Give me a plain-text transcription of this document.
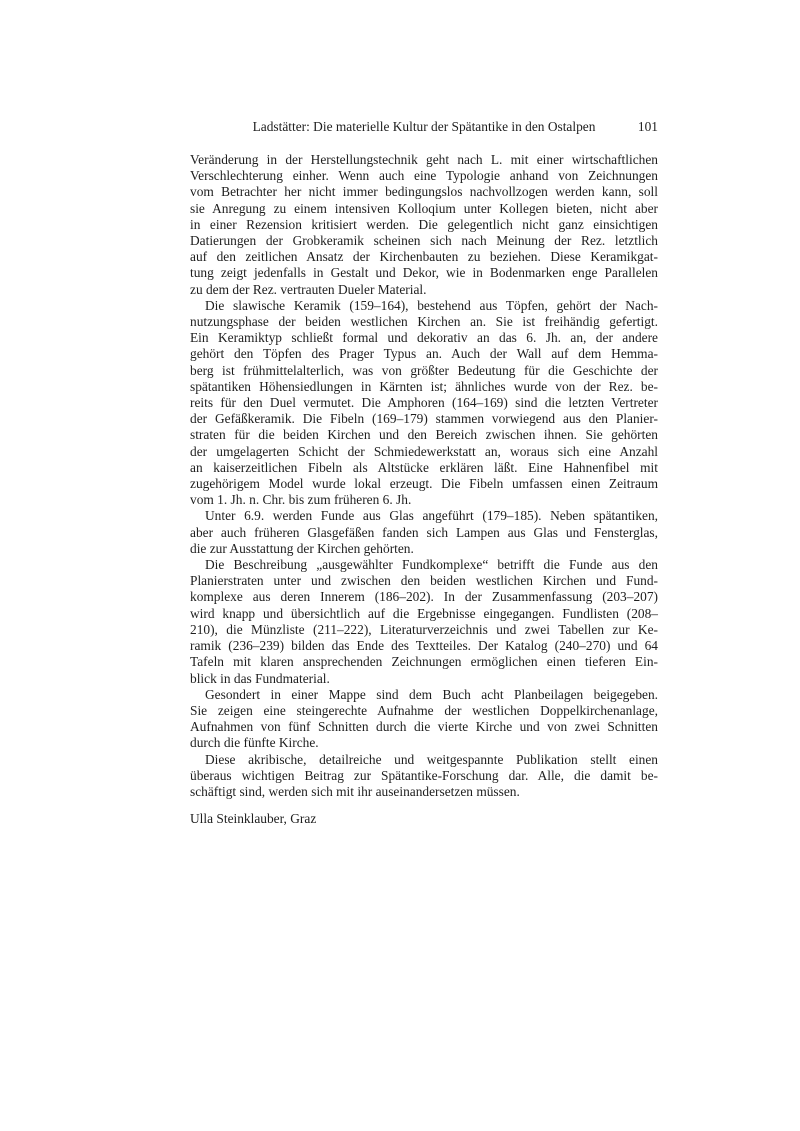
Ladstätter: Die materielle Kultur der Spätantike in den Ostalpen	101
Veränderung in der Herstellungstechnik geht nach L. mit einer wirtschaftlichen
Verschlechterung einher. Wenn auch eine Typologie anhand von Zeichnungen
vom Betrachter her nicht immer bedingungslos nachvollzogen werden kann, soll
sie Anregung zu einem intensiven Kolloqium unter Kollegen bieten, nicht aber
in einer Rezension kritisiert werden. Die gelegentlich nicht ganz einsichtigen
Datierungen der Grobkeramik scheinen sich nach Meinung der Rez. letztlich
auf den zeitlichen Ansatz der Kirchenbauten zu beziehen. Diese Keramikgat-
tung zeigt jedenfalls in Gestalt und Dekor, wie in Bodenmarken enge Parallelen
zu dem der Rez. vertrauten Dueler Material.
Die slawische Keramik (159–164), bestehend aus Töpfen, gehört der Nach-
nutzungsphase der beiden westlichen Kirchen an. Sie ist freihändig gefertigt.
Ein Keramiktyp schließt formal und dekorativ an das 6. Jh. an, der andere
gehört den Töpfen des Prager Typus an. Auch der Wall auf dem Hemma-
berg ist frühmittelalterlich, was von größter Bedeutung für die Geschichte der
spätantiken Höhensiedlungen in Kärnten ist; ähnliches wurde von der Rez. be-
reits für den Duel vermutet. Die Amphoren (164–169) sind die letzten Vertreter
der Gefäßkeramik. Die Fibeln (169–179) stammen vorwiegend aus den Planier-
straten für die beiden Kirchen und den Bereich zwischen ihnen. Sie gehörten
der umgelagerten Schicht der Schmiedewerkstatt an, woraus sich eine Anzahl
an kaiserzeitlichen Fibeln als Altstücke erklären läßt. Eine Hahnenfibel mit
zugehörigem Model wurde lokal erzeugt. Die Fibeln umfassen einen Zeitraum
vom 1. Jh. n. Chr. bis zum früheren 6. Jh.
Unter 6.9. werden Funde aus Glas angeführt (179–185). Neben spätantiken,
aber auch früheren Glasgefäßen fanden sich Lampen aus Glas und Fensterglas,
die zur Ausstattung der Kirchen gehörten.
Die Beschreibung „ausgewählter Fundkomplexe“ betrifft die Funde aus den
Planierstraten unter und zwischen den beiden westlichen Kirchen und Fund-
komplexe aus deren Innerem (186–202). In der Zusammenfassung (203–207)
wird knapp und übersichtlich auf die Ergebnisse eingegangen. Fundlisten (208–
210), die Münzliste (211–222), Literaturverzeichnis und zwei Tabellen zur Ke-
ramik (236–239) bilden das Ende des Textteiles. Der Katalog (240–270) und 64
Tafeln mit klaren ansprechenden Zeichnungen ermöglichen einen tieferen Ein-
blick in das Fundmaterial.
Gesondert in einer Mappe sind dem Buch acht Planbeilagen beigegeben.
Sie zeigen eine steingerechte Aufnahme der westlichen Doppelkirchenanlage,
Aufnahmen von fünf Schnitten durch die vierte Kirche und von zwei Schnitten
durch die fünfte Kirche.
Diese akribische, detailreiche und weitgespannte Publikation stellt einen
überaus wichtigen Beitrag zur Spätantike-Forschung dar. Alle, die damit be-
schäftigt sind, werden sich mit ihr auseinandersetzen müssen.
Ulla Steinklauber, Graz
